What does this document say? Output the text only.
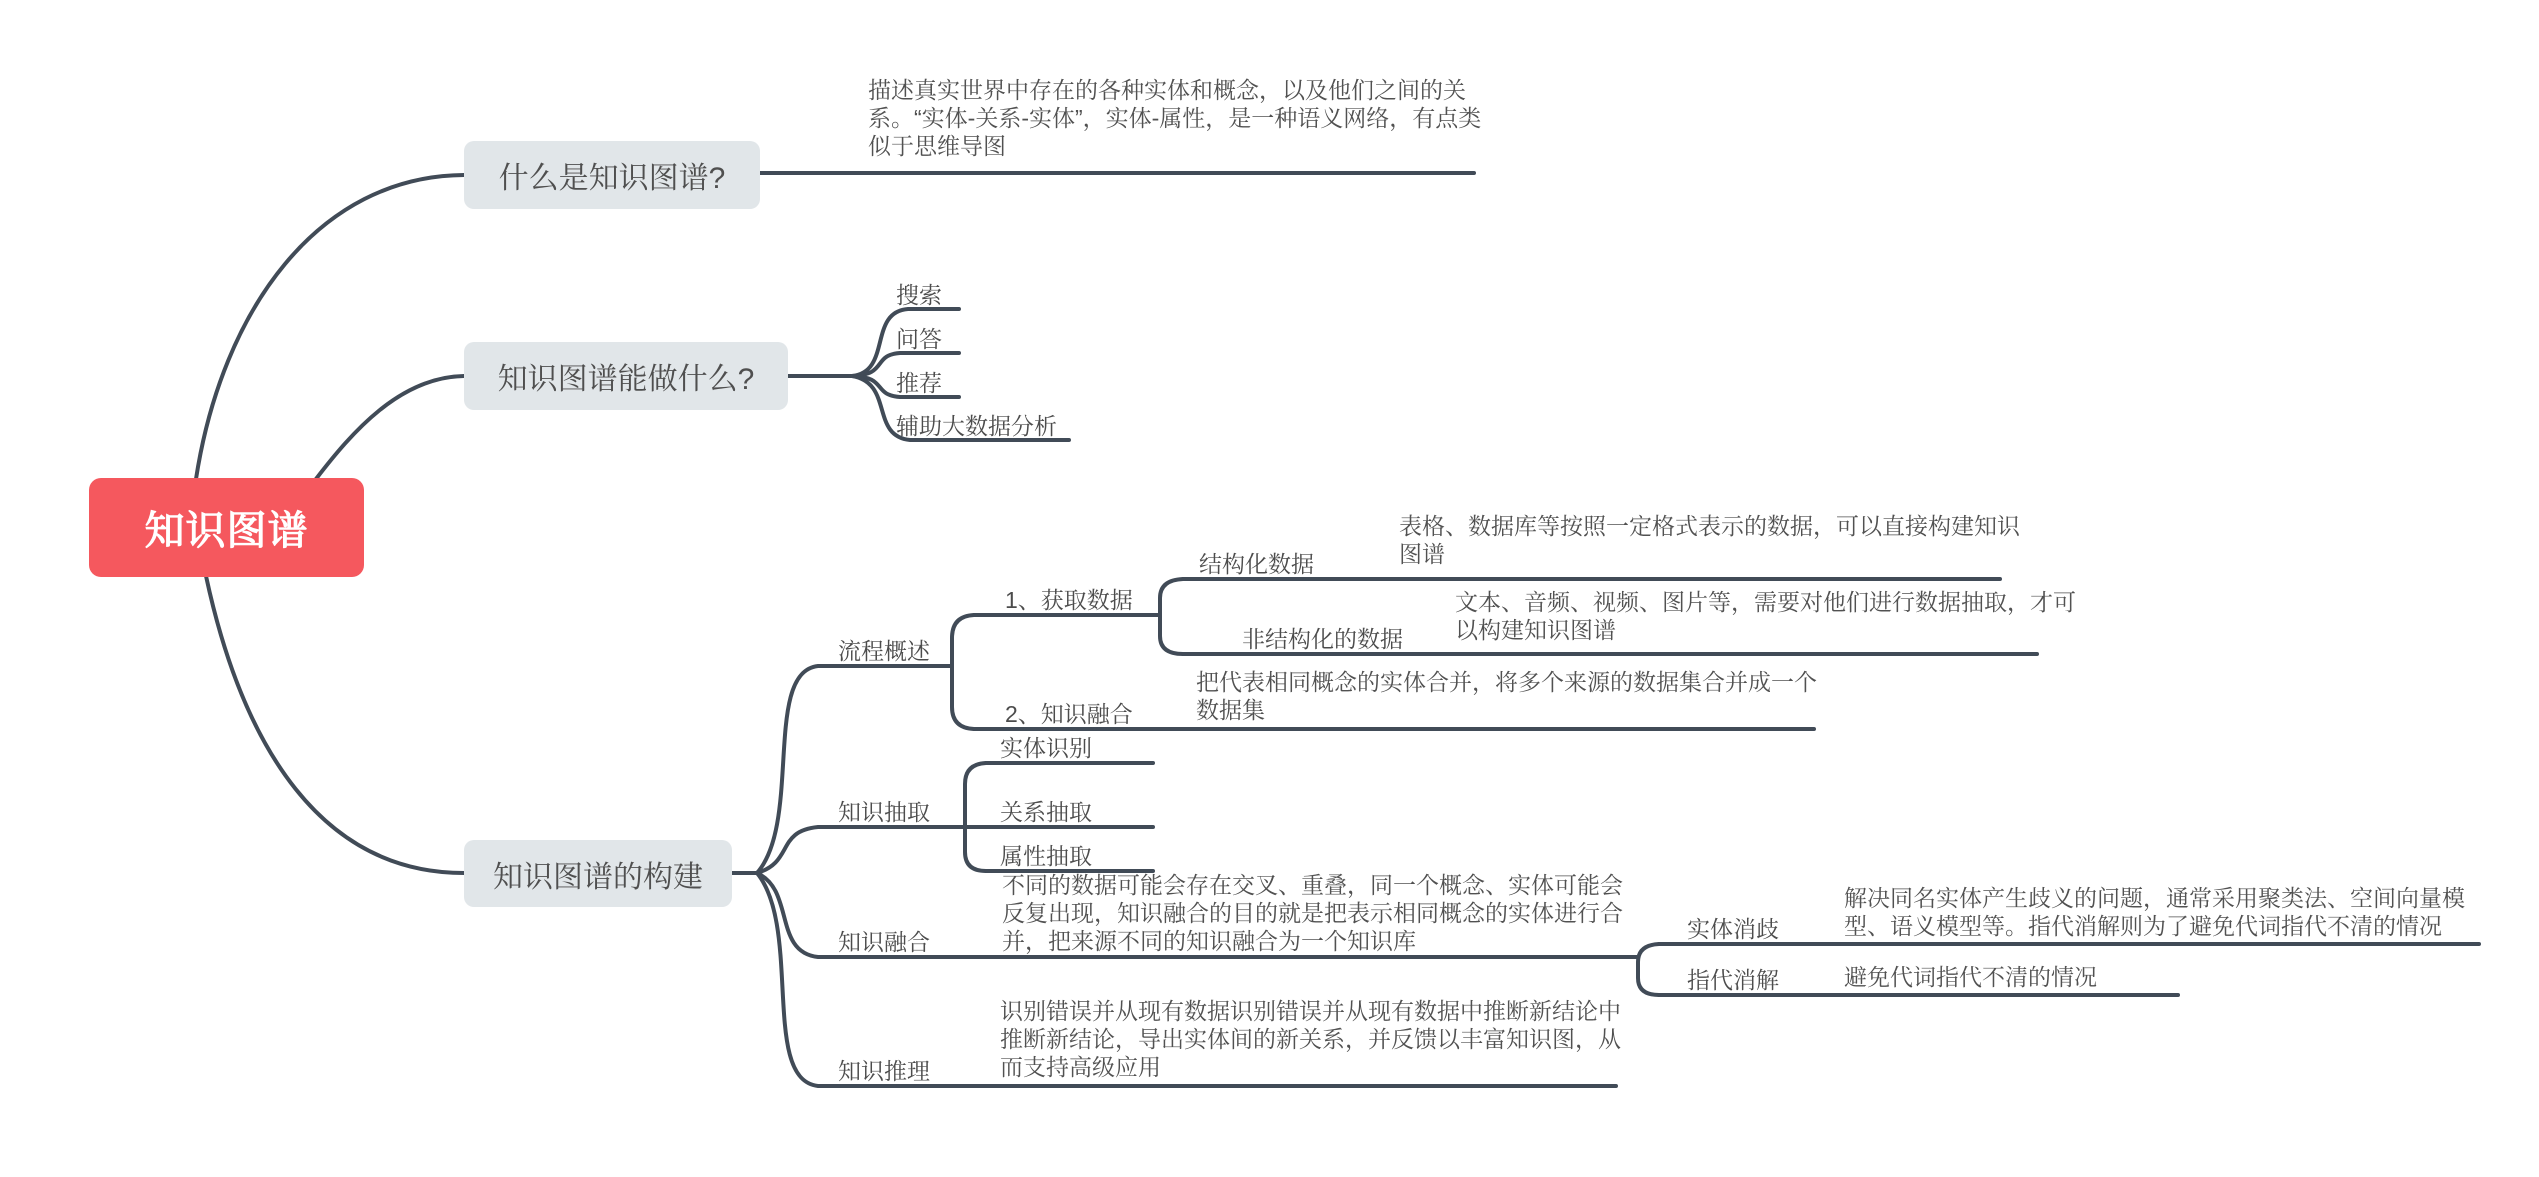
知识图谱
什么是知识图谱?
描述真实世界中存在的各种实体和概念，以及他们之间的关
系。“实体-关系-实体”，实体-属性，是一种语义网络，有点类
似于思维导图
知识图谱能做什么?
搜索
问答
推荐
辅助大数据分析
知识图谱的构建
流程概述
1、获取数据
结构化数据
表格、数据库等按照一定格式表示的数据，可以直接构建知识
图谱
非结构化的数据
文本、音频、视频、图片等，需要对他们进行数据抽取，才可
以构建知识图谱
2、知识融合
把代表相同概念的实体合并，将多个来源的数据集合并成一个
数据集
知识抽取
实体识别
关系抽取
属性抽取
知识融合
不同的数据可能会存在交叉、重叠，同一个概念、实体可能会
反复出现，知识融合的目的就是把表示相同概念的实体进行合
并，把来源不同的知识融合为一个知识库	实体消歧
解决同名实体产生歧义的问题，通常采用聚类法、空间向量模
型、语义模型等。指代消解则为了避免代词指代不清的情况
指代消解	避免代词指代不清的情况
知识推理
识别错误并从现有数据识别错误并从现有数据中推断新结论中
推断新结论，导出实体间的新关系，并反馈以丰富知识图，从
而支持高级应用
